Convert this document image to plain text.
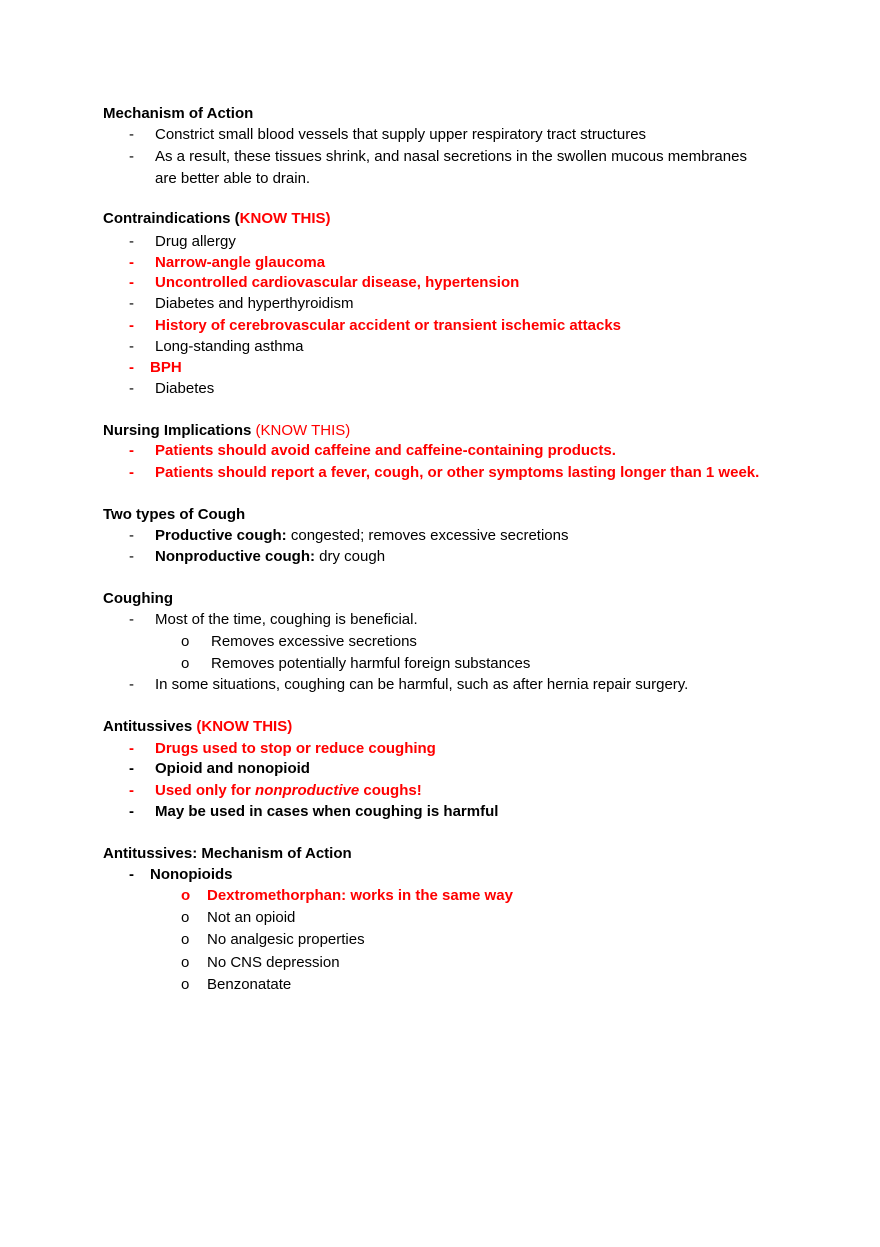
Mechanism of Action
- Constrict small blood vessels that supply upper respiratory tract structures
- As a result, these tissues shrink, and nasal secretions in the swollen mucous membranes
are better able to drain.
Contraindications (KNOW THIS)
- Drug allergy
- Narrow-angle glaucoma
- Uncontrolled cardiovascular disease, hypertension
- Diabetes and hyperthyroidism
- History of cerebrovascular accident or transient ischemic attacks
- Long-standing asthma
- BPH
- Diabetes
Nursing Implications (KNOW THIS)
- Patients should avoid caffeine and caffeine-containing products.
- Patients should report a fever, cough, or other symptoms lasting longer than 1 week.
Two types of Cough
- Productive cough: congested; removes excessive secretions
- Nonproductive cough: dry cough
Coughing
- Most of the time, coughing is beneficial.
o Removes excessive secretions
o Removes potentially harmful foreign substances
- In some situations, coughing can be harmful, such as after hernia repair surgery.
Antitussives (KNOW THIS)
- Drugs used to stop or reduce coughing
- Opioid and nonopioid
- Used only for nonproductive coughs!
- May be used in cases when coughing is harmful
Antitussives: Mechanism of Action
- Nonopioids
o Dextromethorphan: works in the same way
o Not an opioid
o No analgesic properties
o No CNS depression
o Benzonatate
